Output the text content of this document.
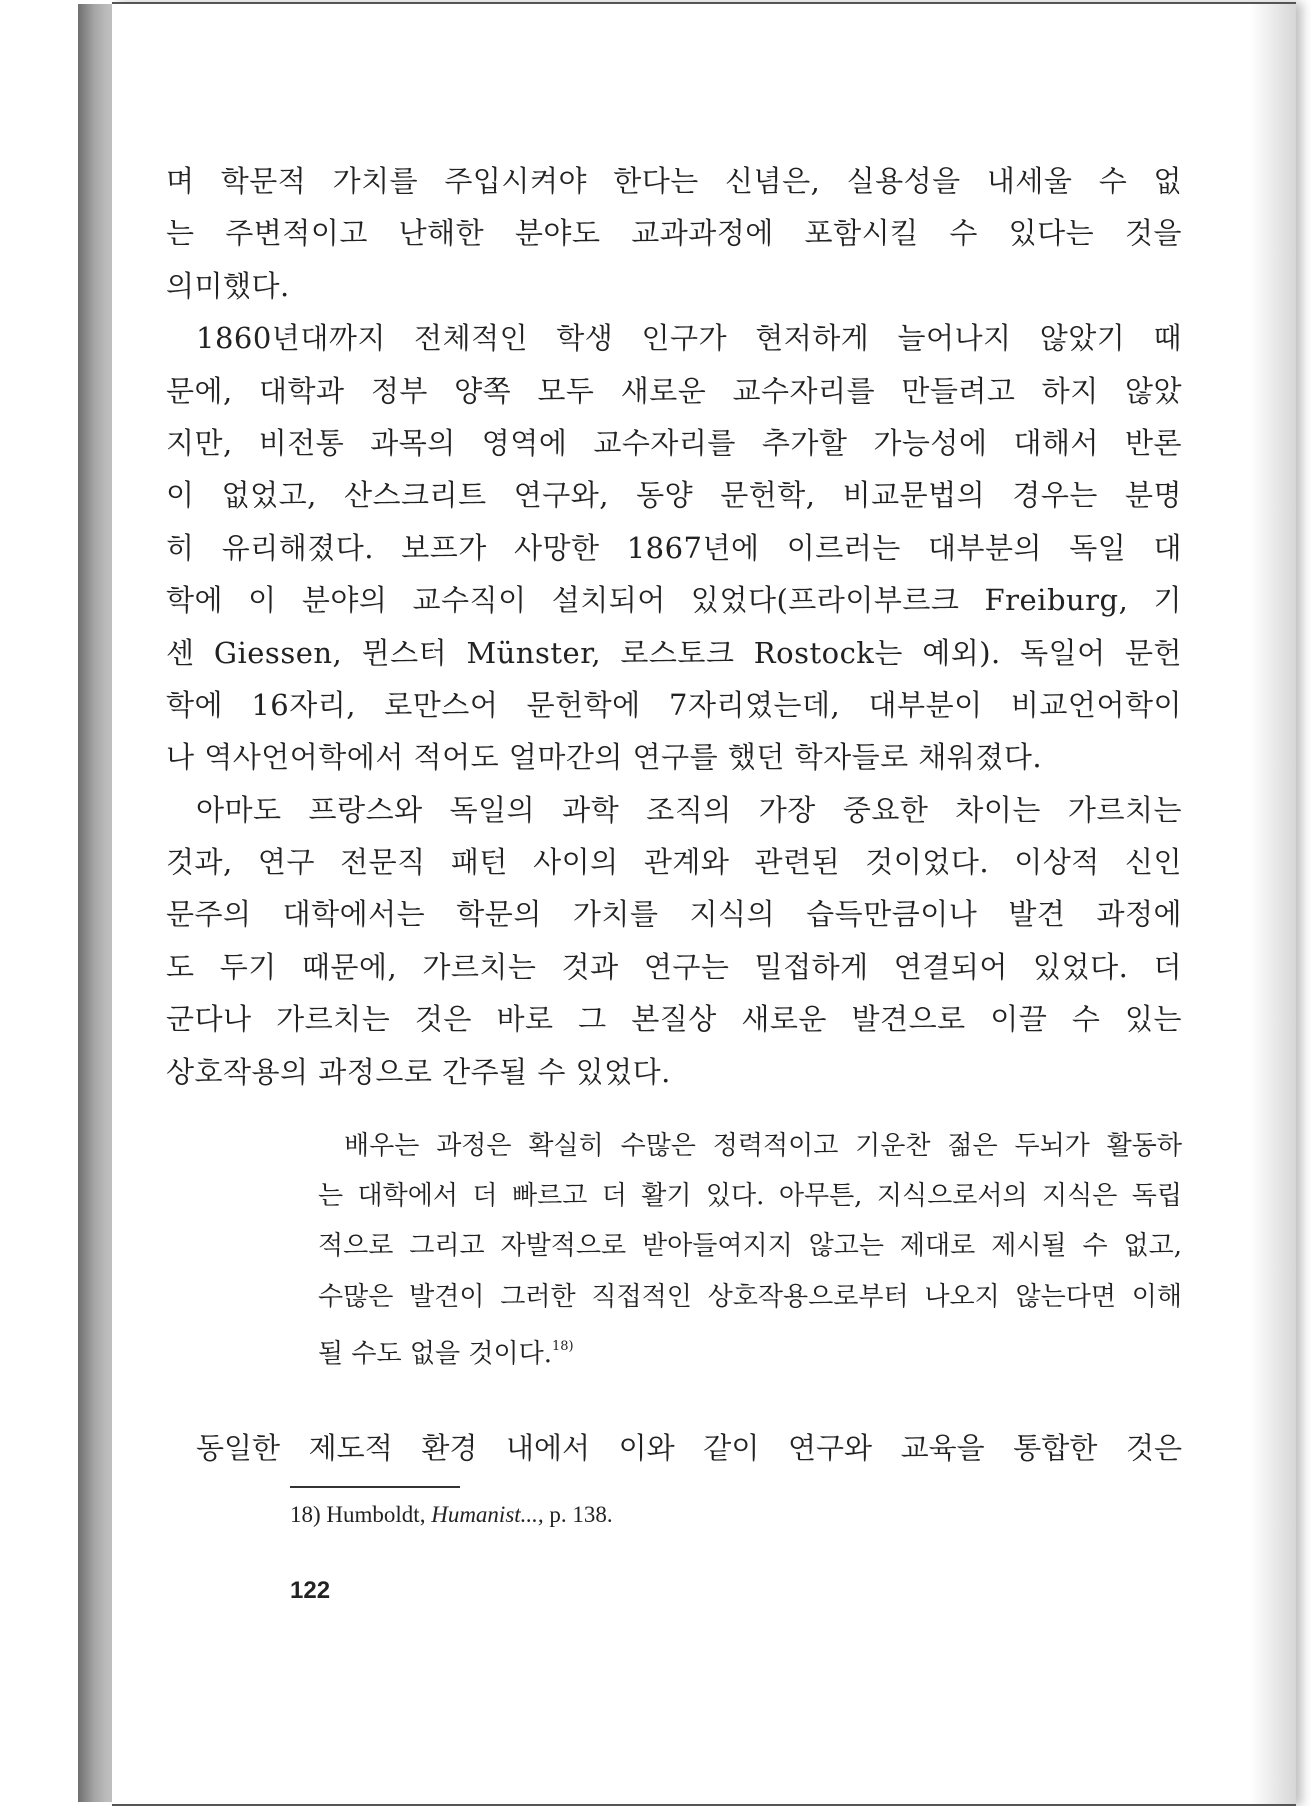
며 학문적 가치를 주입시켜야 한다는 신념은, 실용성을 내세울 수 없
는 주변적이고 난해한 분야도 교과과정에 포함시킬 수 있다는 것을
의미했다.
1860년대까지 전체적인 학생 인구가 현저하게 늘어나지 않았기 때
문에, 대학과 정부 양쪽 모두 새로운 교수자리를 만들려고 하지 않았
지만, 비전통 과목의 영역에 교수자리를 추가할 가능성에 대해서 반론
이 없었고, 산스크리트 연구와, 동양 문헌학, 비교문법의 경우는 분명
히 유리해졌다. 보프가 사망한 1867년에 이르러는 대부분의 독일 대
학에 이 분야의 교수직이 설치되어 있었다(프라이부르크 Freiburg, 기
센 Giessen, 뮌스터 Münster, 로스토크 Rostock는 예외). 독일어 문헌
학에 16자리, 로만스어 문헌학에 7자리였는데, 대부분이 비교언어학이
나 역사언어학에서 적어도 얼마간의 연구를 했던 학자들로 채워졌다.
아마도 프랑스와 독일의 과학 조직의 가장 중요한 차이는 가르치는
것과, 연구 전문직 패턴 사이의 관계와 관련된 것이었다. 이상적 신인
문주의 대학에서는 학문의 가치를 지식의 습득만큼이나 발견 과정에
도 두기 때문에, 가르치는 것과 연구는 밀접하게 연결되어 있었다. 더
군다나 가르치는 것은 바로 그 본질상 새로운 발견으로 이끌 수 있는
상호작용의 과정으로 간주될 수 있었다.
배우는 과정은 확실히 수많은 정력적이고 기운찬 젊은 두뇌가 활동하
는 대학에서 더 빠르고 더 활기 있다. 아무튼, 지식으로서의 지식은 독립
적으로 그리고 자발적으로 받아들여지지 않고는 제대로 제시될 수 없고,
수많은 발견이 그러한 직접적인 상호작용으로부터 나오지 않는다면 이해
될 수도 없을 것이다.$^{18)}$
동일한 제도적 환경 내에서 이와 같이 연구와 교육을 통합한 것은
18) Humboldt, Humanist..., p. 138.
122
